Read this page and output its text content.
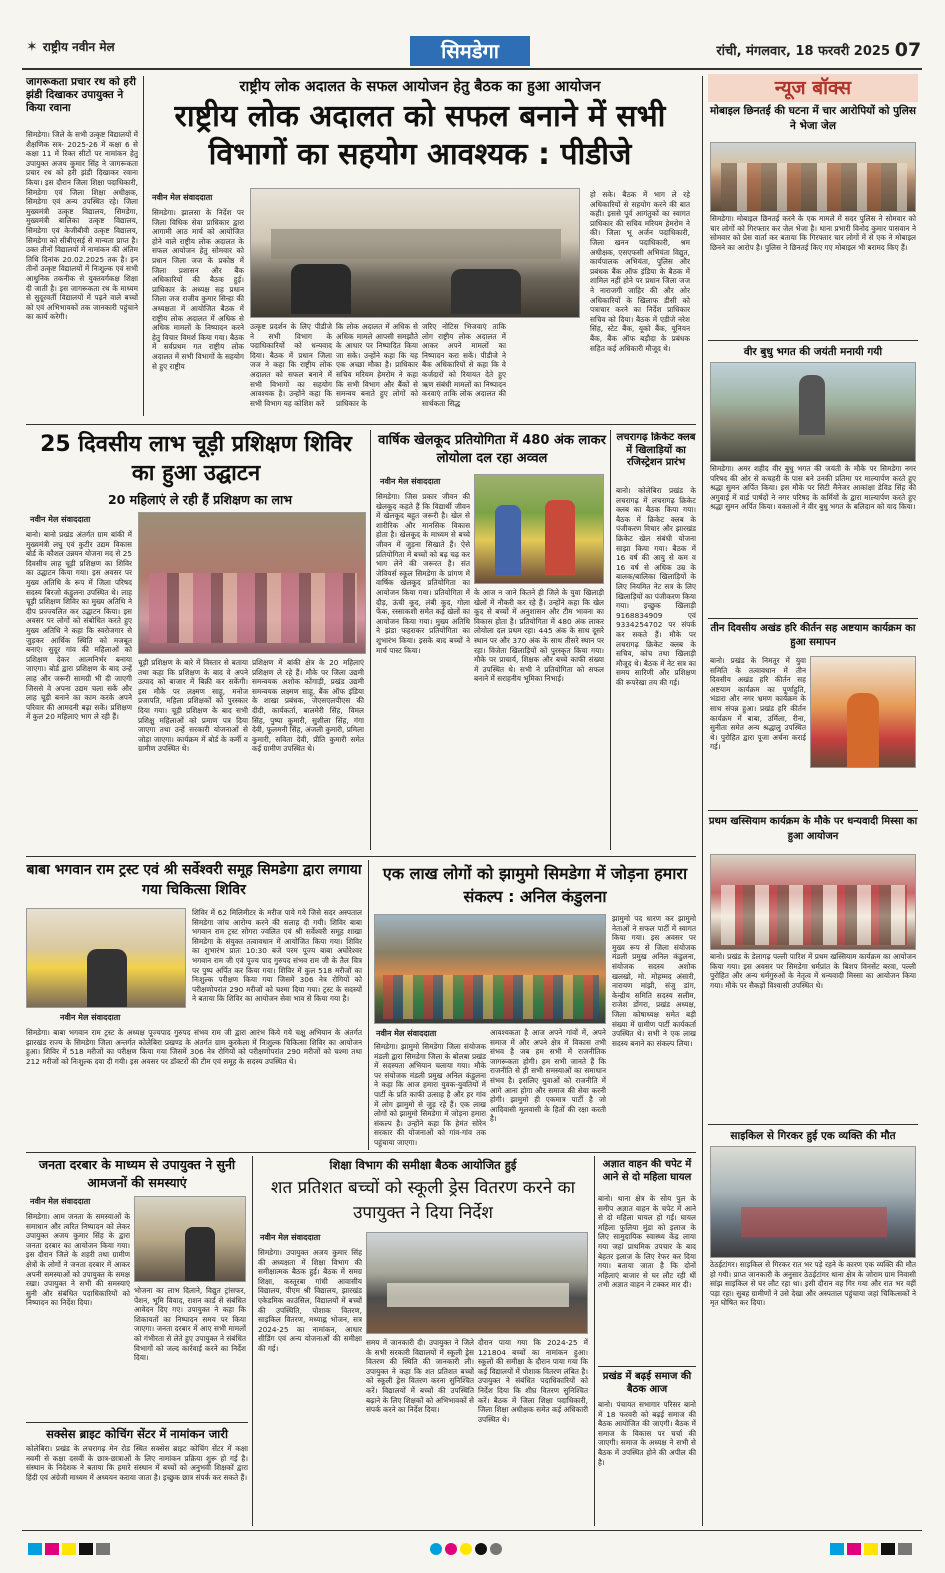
✶ राष्ट्रीय नवीन मेल	सिमडेगा	रांची, मंगलवार, 18 फरवरी 2025 07
जागरूकता प्रचार रथ को हरी झंडी दिखाकर उपायुक्त ने किया रवाना
सिमडेगा। जिले के सभी उत्कृष्ट विद्यालयों में शैक्षणिक सत्र- 2025-26 में कक्षा 6 से कक्षा 11 में रिक्त सीटों पर नामांकन हेतु उपायुक्त अजय कुमार सिंह ने जागरूकता प्रचार रथ को हरी झंडी दिखाकर रवाना किया। इस दौरान जिला शिक्षा पदाधिकारी, सिमडेगा एवं जिला शिक्षा अधीक्षक, सिमडेगा एवं अन्य उपस्थित रहे। जिला मुख्यमंत्री उत्कृष्ट विद्यालय, सिमडेगा, मुख्यमंत्री बालिका उत्कृष्ट विद्यालय, सिमडेगा एवं केजीबीवी उत्कृष्ट विद्यालय, सिमडेगा को सीबीएसई से मान्यता प्राप्त है। उक्त तीनों विद्यालयों में नामांकन की अंतिम तिथि दिनांक 20.02.2025 तक है। इन तीनों उत्कृष्ट विद्यालयों में निःशुल्क एवं सभी आधुनिक तकनीक से युक्तवर्गकक्ष शिक्षा दी जाती है। इस जागरूकता रथ के माध्यम से सुदूरवर्ती विद्यालयों में पढ़ने वाले बच्चों को एवं अभिभावकों तक जानकारी पहुंचाने का कार्य करेगी।
राष्ट्रीय लोक अदालत के सफल आयोजन हेतु बैठक का हुआ आयोजन
राष्ट्रीय लोक अदालत को सफल बनाने में सभी विभागों का सहयोग आवश्यक : पीडीजे
नवीन मेल संवाददाता
सिमडेगा। झालसा के निर्देश पर जिला विधिक सेवा प्राधिकार द्वारा आगामी आठ मार्च को आयोजित होने वाले राष्ट्रीय लोक अदालत के सफल आयोजन हेतु सोमवार को प्रधान जिला जज के प्रकोष्ठ में जिला प्रशासन और बैंक अधिकारियों की बैठक हुई। प्राधिकार के अध्यक्ष सह प्रधान जिला जज राजीव कुमार सिन्हा की अध्यक्षता में आयोजित बैठक में राष्ट्रीय लोक अदालत में अधिक से अधिक मामलों के निष्पादन करने हेतु विचार विमर्श किया गया। बैठक में सर्वप्रथम गत राष्ट्रीय लोक अदालत में सभी विभागों के सहयोग से हुए राष्ट्रीय
उत्कृष्ट प्रदर्शन के लिए पीडीजे ने सभी विभाग के पदाधिकारियों को धन्यवाद दिया। बैठक में प्रधान जिला जज ने कहा कि राष्ट्रीय लोक अदालत को सफल बनाने में सभी विभागों का सहयोग आवश्यक है। उन्होंने कहा कि सभी विभाग यह कोशिश करें
कि लोक अदालत में अधिक से अधिक मामले आपसी समझौते के आधार पर निष्पादित किया जा सके। उन्होंने कहा कि यह एक अच्छा मौका है। प्राधिकार सचिव मरियम हेमरोम ने कहा कि सभी विभाग और बैंकों से समन्वय बनाते हुए लोगों को प्राधिकार के
जरिए नोटिस भिजवाएं ताकि लोग राष्ट्रीय लोक अदालत में आकर अपने मामलों का निष्पादन करा सकें। पीडीजे ने बैंक अधिकारियों से कहा कि वे कर्जदारों को रियायत देते हुए ऋण संबंधी मामलों का निष्पादन करवाएं ताकि लोक अदालत की सार्थकता सिद्ध
हो सके। बैठक में भाग ले रहे अधिकारियों से सहयोग करने की बात कही। इससे पूर्व आगंतुकों का स्वागत प्राधिकार की सचिव मरियम हेमरोम ने की। जिला भू अर्जन पदाधिकारी, जिला खनन पदाधिकारी, श्रम अधीक्षक, एसएफसी अभियंता विद्युत, कार्यपालक अभियंता, पुलिस और प्रबंधक बैंक ऑफ इंडिया के बैठक में शामिल नहीं होने पर प्रधान जिला जज ने नाराजगी जाहिर की और ओर अधिकारियों के खिलाफ डीसी को पत्राचार करने का निर्देश प्राधिकार सचिव को दिया। बैठक में एडीजे नरेश सिंह, स्टेट बैंक, यूको बैंक, यूनियन बैंक, बैंक ऑफ बड़ौदा के प्रबंधक सहित कई अधिकारी मौजूद थे।
25 दिवसीय लाभ चूड़ी प्रशिक्षण शिविर का हुआ उद्घाटन
20 महिलाएं ले रही हैं प्रशिक्षण का लाभ
नवीन मेल संवाददाता
बानो। बानो प्रखंड अंतर्गत ग्राम बांकी में मुख्यमंत्री लघु एवं कुटीर उद्यम विकास बोर्ड के कौशल उन्नयन योजना मद से 25 दिवसीय लाह चूड़ी प्रशिक्षण का शिविर का उद्घाटन किया गया। इस अवसर पर मुख्य अतिथि के रूप में जिला परिषद सदस्य बिरजो कंडुलना उपस्थित थे। लाह चूड़ी प्रशिक्षण शिविर का मुख्य अतिथि ने दीप प्रज्ज्वलित कर उद्घाटन किया। इस अवसर पर लोगों को संबोधित करते हुए मुख्य अतिथि ने कहा कि स्वरोजगार से जुड़कर आर्थिक स्थिति को मजबूत बनाएं। सुदूर गांव की महिलाओं को प्रशिक्षण देकर आत्मनिर्भर बनाया जाएगा। बोर्ड द्वारा प्रशिक्षण के बाद उन्हें लाह और जरूरी सामग्री भी दी जाएगी जिससे वे अपना उद्यम चला सकें और लाह चूड़ी बनाने का काम करके अपने परिवार की आमदनी बढ़ा सकें। प्रशिक्षण में कुल 20 महिलाएं भाग ले रही हैं।
चूड़ी प्रशिक्षण के बारे में विस्तार से बताया तथा कहा कि प्रशिक्षण के बाद वे अपने उत्पाद को बाजार में बिक्री कर सकेंगी। इस मौके पर लक्ष्मण साहू, मनोज प्रजापति, महिला प्रशिक्षकों को पुरस्कार दिया गया। चूड़ी प्रशिक्षण के बाद सभी प्रशिक्षु महिलाओं को प्रमाण पत्र दिया जाएगा तथा उन्हें सरकारी योजनाओं से जोड़ा जाएगा। कार्यक्रम में बोर्ड के कर्मी व ग्रामीण उपस्थित थे।
प्रशिक्षण में बांकी क्षेत्र के 20 महिलाएं प्रशिक्षण ले रहे हैं। मौके पर जिला उद्यमी समन्वयक अशोक कोंगाड़ी, प्रखंड उद्यमी समन्वयक लक्ष्मण साहू, बैंक ऑफ इंडिया के शाखा प्रबंधक, जेएसएलपीएस की दीदी, कार्यकर्ता, बालमेरी सिंह, विमल सिंह, पुष्पा कुमारी, सुशीला सिंह, गंगा देवी, फूलमनी सिंह, अंजली कुमारी, प्रमिला कुमारी, सविता देवी, प्रीति कुमारी समेत कई ग्रामीण उपस्थित थे।
वार्षिक खेलकूद प्रतियोगिता में 480 अंक लाकर लोयोला दल रहा अव्वल
नवीन मेल संवाददाता
सिमडेगा। जिस प्रकार जीवन की खेलकूद कहते हैं कि विद्यार्थी जीवन में खेलकूद बहुत जरूरी है। खेल से शारीरिक और मानसिक विकास होता है। खेलकूद के माध्यम से बच्चे जीवन में जुड़ना सिखाते हैं। ऐसे प्रतियोगिता में बच्चों को बढ़ चढ़ कर भाग लेने की जरूरत है। संत जेवियर्स स्कूल सिमडेगा के प्रांगण में वार्षिक खेलकूद प्रतियोगिता का आयोजन किया गया। प्रतियोगिता में दौड़, ऊंची कूद, लंबी कूद, गोला फेंक, रस्साकशी समेत कई खेलों का आयोजन किया गया। मुख्य अतिथि ने झंडा फहराकर प्रतियोगिता का शुभारंभ किया। इसके बाद बच्चों ने मार्च पास्ट किया।
के आज न जाने कितने ही जिले के युवा खिलाड़ी खेलों में नौकरी कर रहे हैं। उन्होंने कहा कि खेल कूद से बच्चों में अनुशासन और टीम भावना का विकास होता है। प्रतियोगिता में 480 अंक लाकर लोयोला दल प्रथम रहा। 445 अंक के साथ दूसरे स्थान पर और 370 अंक के साथ तीसरे स्थान पर रहा। विजेता खिलाड़ियों को पुरस्कृत किया गया। मौके पर प्राचार्य, शिक्षक और बच्चे काफी संख्या में उपस्थित थे। सभी ने प्रतियोगिता को सफल बनाने में सराहनीय भूमिका निभाई।
लचरागढ़ क्रिकेट क्लब में खिलाड़ियों का रजिस्ट्रेशन प्रारंभ
बानो। कोलेबिरा प्रखंड के लचरागढ़ में लचरागढ़ क्रिकेट क्लब का बैठक किया गया। बैठक में क्रिकेट क्लब के पंजीकरण विचार और झारखंड क्रिकेट खेल संबंधी योजना साझा किया गया। बैठक में 16 वर्ष की आयु से कम व 16 वर्ष से अधिक उम्र के बालक/बालिका खिलाड़ियों के लिए नियमित नेट सत्र के लिए खिलाड़ियों का पंजीकरण किया गया। इच्छुक खिलाड़ी 9168834909 एवं 9334254702 पर संपर्क कर सकते हैं। मौके पर लचरागढ़ क्रिकेट क्लब के सचिव, कोच तथा खिलाड़ी मौजूद थे। बैठक में नेट सत्र का समय सारिणी और प्रशिक्षण की रूपरेखा तय की गई।
बाबा भगवान राम ट्रस्ट एवं श्री सर्वेश्वरी समूह सिमडेगा द्वारा लगाया गया चिकित्सा शिविर
नवीन मेल संवाददाता
शिविर में 62 मिलिमीटर के मरीज पाये गये जिसे सदर अस्पताल सिमडेगा जांच आरोग्य करने की सलाह दी गयी। शिविर बाबा भगवान राम ट्रस्ट सोगरा ज्वलित एवं श्री सर्वेश्वरी समूह शाखा सिमडेगा के संयुक्त तत्वावधान में आयोजित किया गया। शिविर का शुभारंभ प्रातः 10:30 बजे परम पूज्य बाबा अघोरेश्वर भगवान राम जी एवं पूज्य पाद गुरुपद संभव राम जी के तैल चित्र पर पुष्प अर्पित कर किया गया। शिविर में कुल 518 मरीजों का निःशुल्क परीक्षण किया गया जिसमें 306 नेत्र रोगियों को परीक्षणोपरांत 290 मरीजों को चश्मा दिया गया। ट्रस्ट के सदस्यों ने बताया कि शिविर का आयोजन सेवा भाव से किया गया है।
सिमडेगा। बाबा भगवान राम ट्रस्ट के अध्यक्ष पूज्यपाद गुरुपद संभव राम जी द्वारा आरंभ किये गये चक्षु अभियान के अंतर्गत झारखंड राज्य के सिमडेगा जिला अन्तर्गत कोलेबिरा प्रखण्ड के अंतर्गत ग्राम कुरकेला में निःशुल्क चिकित्सा शिविर का आयोजन हुआ। शिविर में 518 मरीजों का परीक्षण किया गया जिसमें 306 नेत्र रोगियों को परीक्षणोपरांत 290 मरीजों को चश्मा तथा 212 मरीजों को निःशुल्क दवा दी गयी। इस अवसर पर डॉक्टरों की टीम एवं समूह के सदस्य उपस्थित थे।
एक लाख लोगों को झामुमो सिमडेगा में जोड़ना हमारा संकल्प : अनिल कंडुलना
नवीन मेल संवाददाता
सिमडेगा। झामुमो सिमडेगा जिला संयोजक मंडली द्वारा सिमडेगा जिला के बोलबा प्रखंड में सदस्यता अभियान चलाया गया। मौके पर संयोजक मंडली प्रमुख अनिल कंडुलना ने कहा कि आज हमारा युवक-युवतियों में पार्टी के प्रति काफी उत्साह है और हर गांव में लोग झामुमो से जुड़ रहे हैं। एक लाख लोगों को झामुमो सिमडेगा में जोड़ना हमारा संकल्प है। उन्होंने कहा कि हेमंत सोरेन सरकार की योजनाओं को गांव-गांव तक पहुंचाया जाएगा।
आवश्यकता है आज अपने गांवों में, अपने समाज में और अपने क्षेत्र में विकास तभी संभव है जब हम सभी में राजनीतिक जागरूकता होगी। हम सभी जानते हैं कि राजनीति से ही सभी समस्याओं का समाधान संभव है। इसलिए युवाओं को राजनीति में आगे आना होगा और समाज की सेवा करनी होगी। झामुमो ही एकमात्र पार्टी है जो आदिवासी मूलवासी के हितों की रक्षा करती है।
झामुमो पद धारण कर झामुमो नेताओं ने सफल पार्टी में स्वागत किया गया। इस अवसर पर मुख्य रूप से जिला संयोजक मंडली प्रमुख अनिल कंडुलना, संयोजक सदस्य अशोक खलखो, मो. मोहम्मद अंसारी, नारायण मांझी, संजु डांग, केन्द्रीय समिति सदस्य सलीम, राजेश डोंगरा, प्रखंड अध्यक्ष, जिला कोषाध्यक्ष समेत बड़ी संख्या में ग्रामीण पार्टी कार्यकर्ता उपस्थित थे। सभी ने एक लाख सदस्य बनाने का संकल्प लिया।
जनता दरबार के माध्यम से उपायुक्त ने सुनी आमजनों की समस्याएं
नवीन मेल संवाददाता
सिमडेगा। आम जनता के समस्याओं के समाधान और त्वरित निष्पादन को लेकर उपायुक्त अजय कुमार सिंह के द्वारा जनता दरबार का आयोजन किया गया। इस दौरान जिले के शहरी तथा ग्रामीण क्षेत्रों के लोगों ने जनता दरबार में आकर अपनी समस्याओं को उपायुक्त के समक्ष रखा। उपायुक्त ने सभी की समस्याएं सुनी और संबंधित पदाधिकारियों को निष्पादन का निर्देश दिया।
भोजना का लाभ दिलाने, विद्युत ट्रांसफर, पेंशन, भूमि विवाद, राशन कार्ड से संबंधित आवेदन दिए गए। उपायुक्त ने कहा कि शिकायतों का निष्पादन समय पर किया जाएगा। जनता दरबार में आए सभी मामलों को गंभीरता से लेते हुए उपायुक्त ने संबंधित विभागों को जल्द कार्रवाई करने का निर्देश दिया।
सक्सेस ब्राइट कोचिंग सेंटर में नामांकन जारी
कोलेबिरा। प्रखंड के लचरागढ़ मेन रोड स्थित सक्सेस ब्राइट कोचिंग सेंटर में कक्षा नवमी से कक्षा दसवीं के छात्र-छात्राओं के लिए नामांकन प्रक्रिया शुरू हो गई है। संस्थान के निदेशक ने बताया कि हमारे संस्थान में बच्चों को अनुभवी शिक्षकों द्वारा हिंदी एवं अंग्रेजी माध्यम में अध्ययन कराया जाता है। इच्छुक छात्र संपर्क कर सकते हैं।
शिक्षा विभाग की समीक्षा बैठक आयोजित हुई
शत प्रतिशत बच्चों को स्कूली ड्रेस वितरण करने का उपायुक्त ने दिया निर्देश
नवीन मेल संवाददाता
सिमडेगा। उपायुक्त अजय कुमार सिंह की अध्यक्षता में शिक्षा विभाग की समीक्षात्मक बैठक हुई। बैठक में समग्र शिक्षा, कस्तूरबा गांधी आवासीय विद्यालय, पीएम श्री विद्यालय, झारखंड एकेडमिक काउंसिल, विद्यालयों में बच्चों की उपस्थिति, पोशाक वितरण, साइकिल वितरण, मध्याह्न भोजन, सत्र 2024-25 का नामांकन, आधार सीडिंग एवं अन्य योजनाओं की समीक्षा की गई।
समय में जानकारी दी। उपायुक्त ने जिले के सभी सरकारी विद्यालयों में स्कूली ड्रेस वितरण की स्थिति की जानकारी ली। उपायुक्त ने कहा कि शत प्रतिशत बच्चों को स्कूली ड्रेस वितरण करना सुनिश्चित करें। विद्यालयों में बच्चों की उपस्थिति बढ़ाने के लिए शिक्षकों को अभिभावकों से संपर्क करने का निर्देश दिया।
दौरान पाया गया कि 2024-25 में 121804 बच्चों का नामांकन हुआ। स्कूलों की समीक्षा के दौरान पाया गया कि कई विद्यालयों में पोशाक वितरण लंबित है। उपायुक्त ने संबंधित पदाधिकारियों को निर्देश दिया कि शीघ्र वितरण सुनिश्चित करें। बैठक में जिला शिक्षा पदाधिकारी, जिला शिक्षा अधीक्षक समेत कई अधिकारी उपस्थित थे।
अज्ञात वाहन की चपेट में आने से दो महिला घायल
बानो। थाना क्षेत्र के सोय पुल के समीप अज्ञात वाहन के चपेट में आने से दो महिला घायल हो गईं। घायल महिला फुलिया मुंडा को इलाज के लिए सामुदायिक स्वास्थ्य केंद्र लाया गया जहां प्राथमिक उपचार के बाद बेहतर इलाज के लिए रेफर कर दिया गया। बताया जाता है कि दोनों महिलाएं बाजार से घर लौट रही थीं तभी अज्ञात वाहन ने टक्कर मार दी।
प्रखंड में बढ़ई समाज की बैठक आज
बानो। पंचायत सभागार परिसर बानो में 18 फरवरी को बढ़ई समाज की बैठक आयोजित की जाएगी। बैठक में समाज के विकास पर चर्चा की जाएगी। समाज के अध्यक्ष ने सभी से बैठक में उपस्थित होने की अपील की है।
न्यूज बॉक्स
मोबाइल छिनतई की घटना में चार आरोपियों को पुलिस ने भेजा जेल
सिमडेगा। मोबाइल छिनतई करने के एक मामले में सदर पुलिस ने सोमवार को चार लोगों को गिरफ्तार कर जेल भेजा है। थाना प्रभारी विनोद कुमार पासवान ने सोमवार को प्रेस वार्ता कर बताया कि गिरफ्तार चार लोगों में से एक ने मोबाइल छिनने का आरोप है। पुलिस ने छिनतई किए गए मोबाइल भी बरामद किए हैं।
वीर बुधु भगत की जयंती मनायी गयी
सिमडेगा। अमर शहीद वीर बुधु भगत की जयंती के मौके पर सिमडेगा नगर परिषद की ओर से कचहरी के पास बने उनकी प्रतिमा पर माल्यार्पण करते हुए श्रद्धा सुमन अर्पित किया। इस मौके पर सिटी मैनेजर आकांक्षा डेविड सिंह की अगुवाई में वार्ड पार्षदों ने नगर परिषद के कर्मियों के द्वारा माल्यार्पण करते हुए श्रद्धा सुमन अर्पित किया। वक्ताओं ने वीर बुधु भगत के बलिदान को याद किया।
तीन दिवसीय अखंड हरि कीर्तन सह अष्टयाम कार्यक्रम का हुआ समापन
बानो। प्रखंड के निमतूर में युवा समिति के तत्वावधान में तीन दिवसीय अखंड हरि कीर्तन सह अष्टयाम कार्यक्रम का पूर्णाहुति, भंडारा और नगर भ्रमण कार्यक्रम के साथ संपन्न हुआ। प्रखंड हरि कीर्तन कार्यक्रम में बाबा, उर्मिला, रीना, सुनीता समेत अन्य श्रद्धालु उपस्थित थे। पुरोहित द्वारा पूजा अर्चना कराई गई।
प्रथम खस्सियाम कार्यक्रम के मौके पर धन्यवादी मिस्सा का हुआ आयोजन
बानो। प्रखंड के डेलागढ़ पल्ली पारिश में प्रथम खस्सियाम कार्यक्रम का आयोजन किया गया। इस अवसर पर सिमडेगा धर्मप्रांत के बिशप विनसेंट बरवा, पल्ली पुरोहित और अन्य धर्मगुरुओं के नेतृत्व में धन्यवादी मिस्सा का आयोजन किया गया। मौके पर सैकड़ों विश्वासी उपस्थित थे।
साइकिल से गिरकर हुई एक व्यक्ति की मौत
ठेठईटांगर। साइकिल से गिरकर रात भर पड़े रहने के कारण एक व्यक्ति की मौत हो गयी। प्राप्त जानकारी के अनुसार ठेठईटांगर थाना क्षेत्र के जोराम ग्राम निवासी सांझ साइकिल से घर लौट रहा था। इसी दौरान वह गिर गया और रात भर वहीं पड़ा रहा। सुबह ग्रामीणों ने उसे देखा और अस्पताल पहुंचाया जहां चिकित्सकों ने मृत घोषित कर दिया।
